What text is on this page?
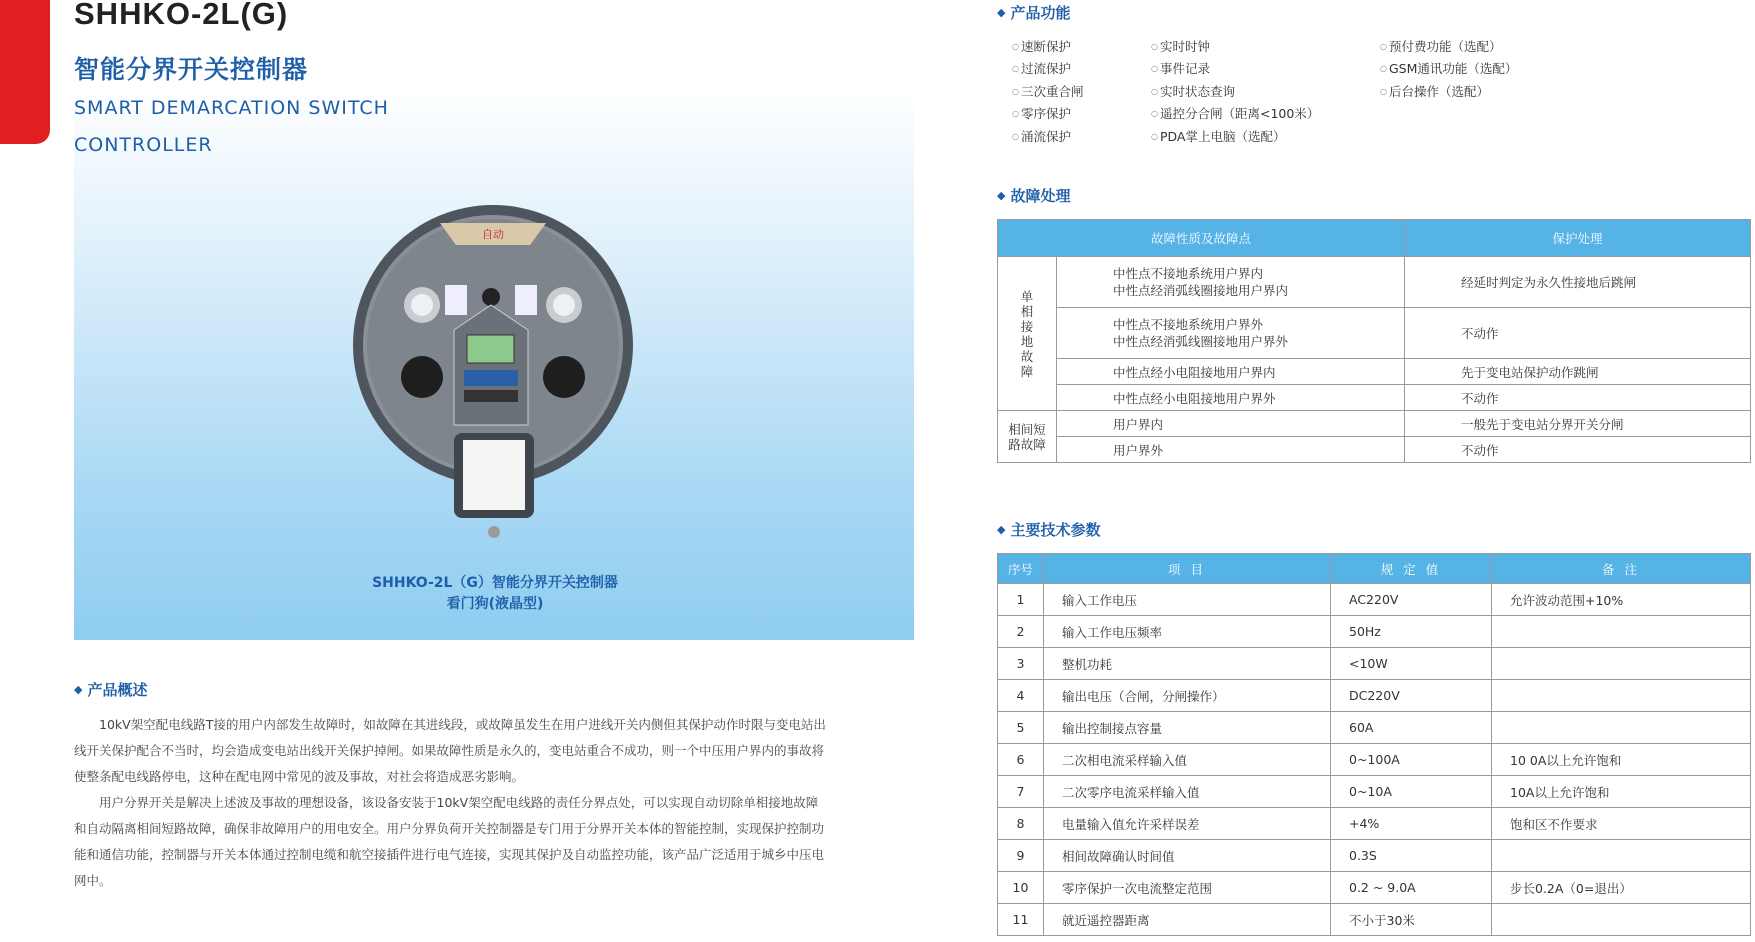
SHHKO-2L(G)
智能分界开关控制器
SMART DEMARCATION SWITCH
CONTROLLER
自动
SHHKO-2L（G）智能分界开关控制器
看门狗(液晶型)
◆ 产品概述

10kV架空配电线路T接的用户内部发生故障时，如故障在其进线段，或故障虽发生在用户进线开关内侧但其保护动作时限与变电站出线开关保护配合不当时，均会造成变电站出线开关保护掉闸。如果故障性质是永久的，变电站重合不成功，则一个中压用户界内的事故将使整条配电线路停电，这种在配电网中常见的波及事故，对社会将造成恶劣影响。

用户分界开关是解决上述波及事故的理想设备，该设备安装于10kV架空配电线路的责任分界点处，可以实现自动切除单相接地故障和自动隔离相间短路故障，确保非故障用户的用电安全。用户分界负荷开关控制器是专门用于分界开关本体的智能控制，实现保护控制功能和通信功能，控制器与开关本体通过控制电缆和航空接插件进行电气连接，实现其保护及自动监控功能，该产品广泛适用于城乡中压电网中。

◆ 产品功能
○ 速断保护
○ 过流保护
○ 三次重合闸
○ 零序保护
○ 涌流保护
○ 实时时钟
○ 事件记录
○ 实时状态查询
○ 遥控分合闸（距离<100米）
○ PDA掌上电脑（选配）
○ 预付费功能（选配）
○ GSM通讯功能（选配）
○ 后台操作（选配）
◆ 故障处理
故障性质及故障点		保护处理

单相接地故障	中性点不接地系统用户界内
中性点经消弧线圈接地用户界内	经延时判定为永久性接地后跳闸
	中性点不接地系统用户界外
中性点经消弧线圈接地用户界外	不动作
	中性点经小电阻接地用户界内	先于变电站保护动作跳闸
	中性点经小电阻接地用户界外	不动作

相间短路故障	用户界内	一般先于变电站分界开关分闸
	用户界外	不动作
◆ 主要技术参数
序号	项 目	规 定 值	备 注
1	输入工作电压	AC220V	允许波动范围+10%
2	输入工作电压频率	50Hz	
3	整机功耗	<10W	
4	输出电压（合闸，分闸操作）	DC220V	
5	输出控制接点容量	60A	
6	二次相电流采样输入值	0~100A	10 0A以上允许饱和
7	二次零序电流采样输入值	0~10A	10A以上允许饱和
8	电量输入值允许采样误差	+4%	饱和区不作要求
9	相间故障确认时间值	0.3S	
10	零序保护一次电流整定范围	0.2 ~ 9.0A	步长0.2A（0=退出）
11	就近遥控器距离	不小于30米	
